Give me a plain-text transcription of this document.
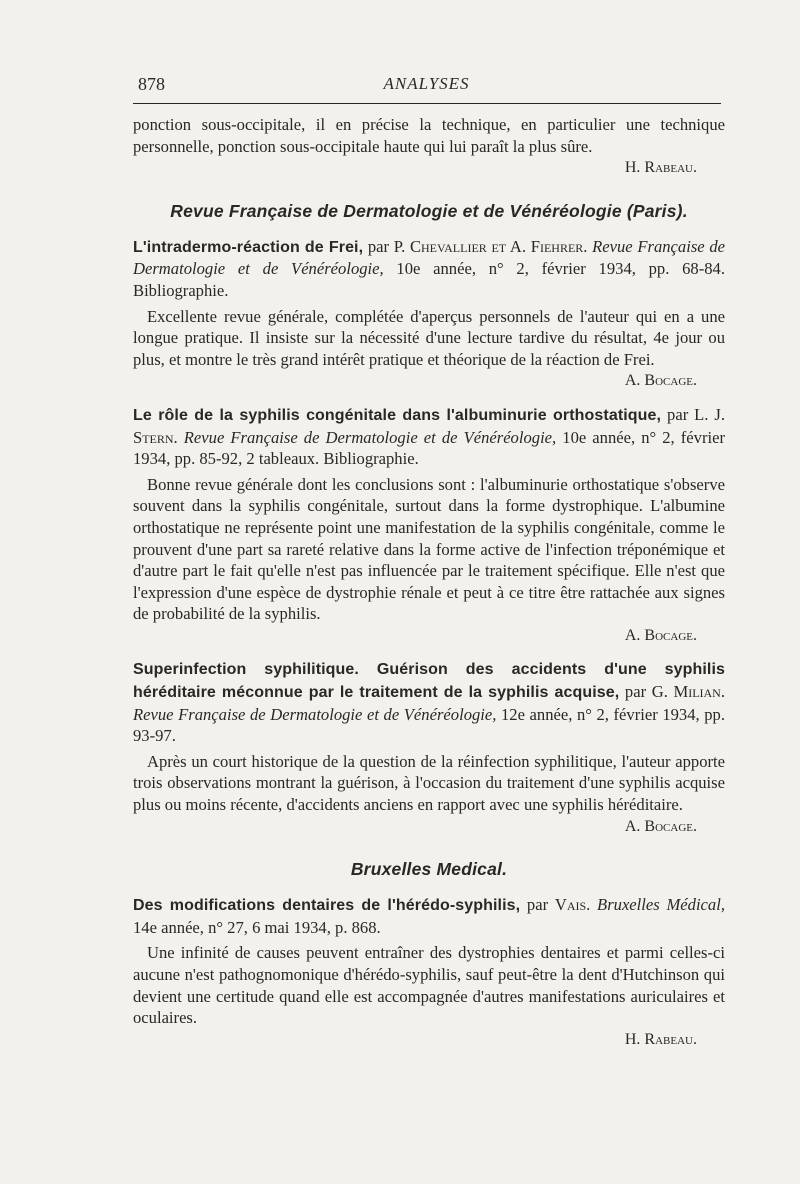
878	ANALYSES

ponction sous-occipitale, il en précise la technique, en particulier une technique personnelle, ponction sous-occipitale haute qui lui paraît la plus sûre.

H. Rabeau.

Revue Française de Dermatologie et de Vénéréologie (Paris).

L'intradermo-réaction de Frei, par P. Chevallier et A. Fiehrer. Revue Française de Dermatologie et de Vénéréologie, 10e année, n° 2, février 1934, pp. 68-84. Bibliographie.

Excellente revue générale, complétée d'aperçus personnels de l'auteur qui en a une longue pratique. Il insiste sur la nécessité d'une lecture tardive du résultat, 4e jour ou plus, et montre le très grand intérêt pratique et théorique de la réaction de Frei.

A. Bocage.

Le rôle de la syphilis congénitale dans l'albuminurie orthostatique, par L. J. Stern. Revue Française de Dermatologie et de Vénéréologie, 10e année, n° 2, février 1934, pp. 85-92, 2 tableaux. Bibliographie.

Bonne revue générale dont les conclusions sont : l'albuminurie orthostatique s'observe souvent dans la syphilis congénitale, surtout dans la forme dystrophique. L'albumine orthostatique ne représente point une manifestation de la syphilis congénitale, comme le prouvent d'une part sa rareté relative dans la forme active de l'infection tréponémique et d'autre part le fait qu'elle n'est pas influencée par le traitement spécifique. Elle n'est que l'expression d'une espèce de dystrophie rénale et peut à ce titre être rattachée aux signes de probabilité de la syphilis.

A. Bocage.

Superinfection syphilitique. Guérison des accidents d'une syphilis héréditaire méconnue par le traitement de la syphilis acquise, par G. Milian. Revue Française de Dermatologie et de Vénéréologie, 12e année, n° 2, février 1934, pp. 93-97.

Après un court historique de la question de la réinfection syphilitique, l'auteur apporte trois observations montrant la guérison, à l'occasion du traitement d'une syphilis acquise plus ou moins récente, d'accidents anciens en rapport avec une syphilis héréditaire.

A. Bocage.

Bruxelles Medical.

Des modifications dentaires de l'hérédo-syphilis, par Vais. Bruxelles Médical, 14e année, n° 27, 6 mai 1934, p. 868.

Une infinité de causes peuvent entraîner des dystrophies dentaires et parmi celles-ci aucune n'est pathognomonique d'hérédo-syphilis, sauf peut-être la dent d'Hutchinson qui devient une certitude quand elle est accompagnée d'autres manifestations auriculaires et oculaires.

H. Rabeau.
